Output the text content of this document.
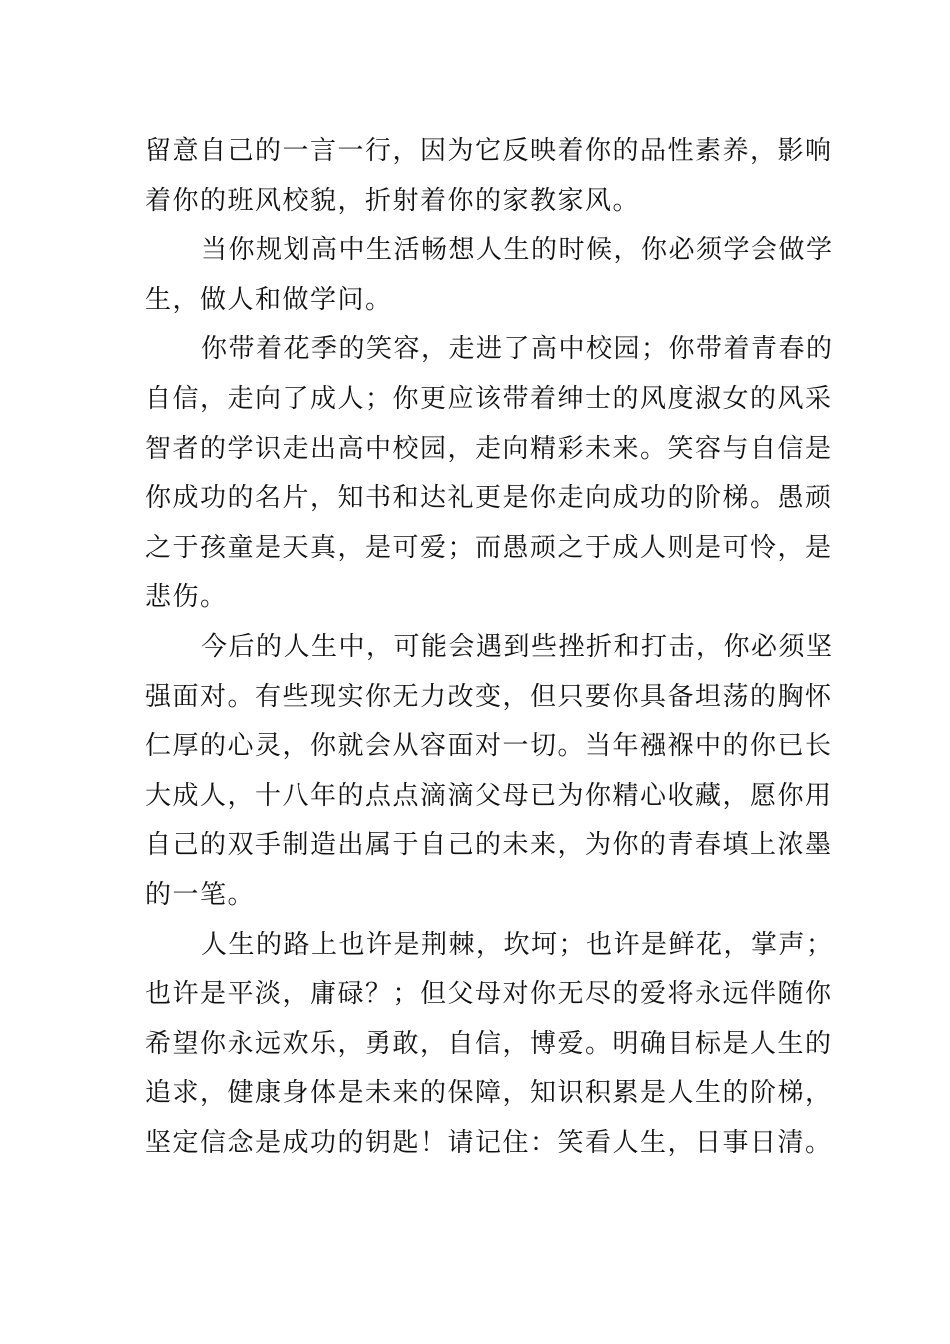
留意自己的一言一行，因为它反映着你的品性素养，影响
着你的班风校貌，折射着你的家教家风。
当你规划高中生活畅想人生的时候，你必须学会做学
生，做人和做学问。
你带着花季的笑容，走进了高中校园；你带着青春的
自信，走向了成人；你更应该带着绅士的风度淑女的风采
智者的学识走出高中校园，走向精彩未来。笑容与自信是
你成功的名片，知书和达礼更是你走向成功的阶梯。愚顽
之于孩童是天真，是可爱；而愚顽之于成人则是可怜，是
悲伤。
今后的人生中，可能会遇到些挫折和打击，你必须坚
强面对。有些现实你无力改变，但只要你具备坦荡的胸怀
仁厚的心灵，你就会从容面对一切。当年襁褓中的你已长
大成人，十八年的点点滴滴父母已为你精心收藏，愿你用
自己的双手制造出属于自己的未来，为你的青春填上浓墨
的一笔。
人生的路上也许是荆棘，坎坷；也许是鲜花，掌声；
也许是平淡，庸碌？；但父母对你无尽的爱将永远伴随你
希望你永远欢乐，勇敢，自信，博爱。明确目标是人生的
追求，健康身体是未来的保障，知识积累是人生的阶梯，
坚定信念是成功的钥匙！请记住：笑看人生，日事日清。
